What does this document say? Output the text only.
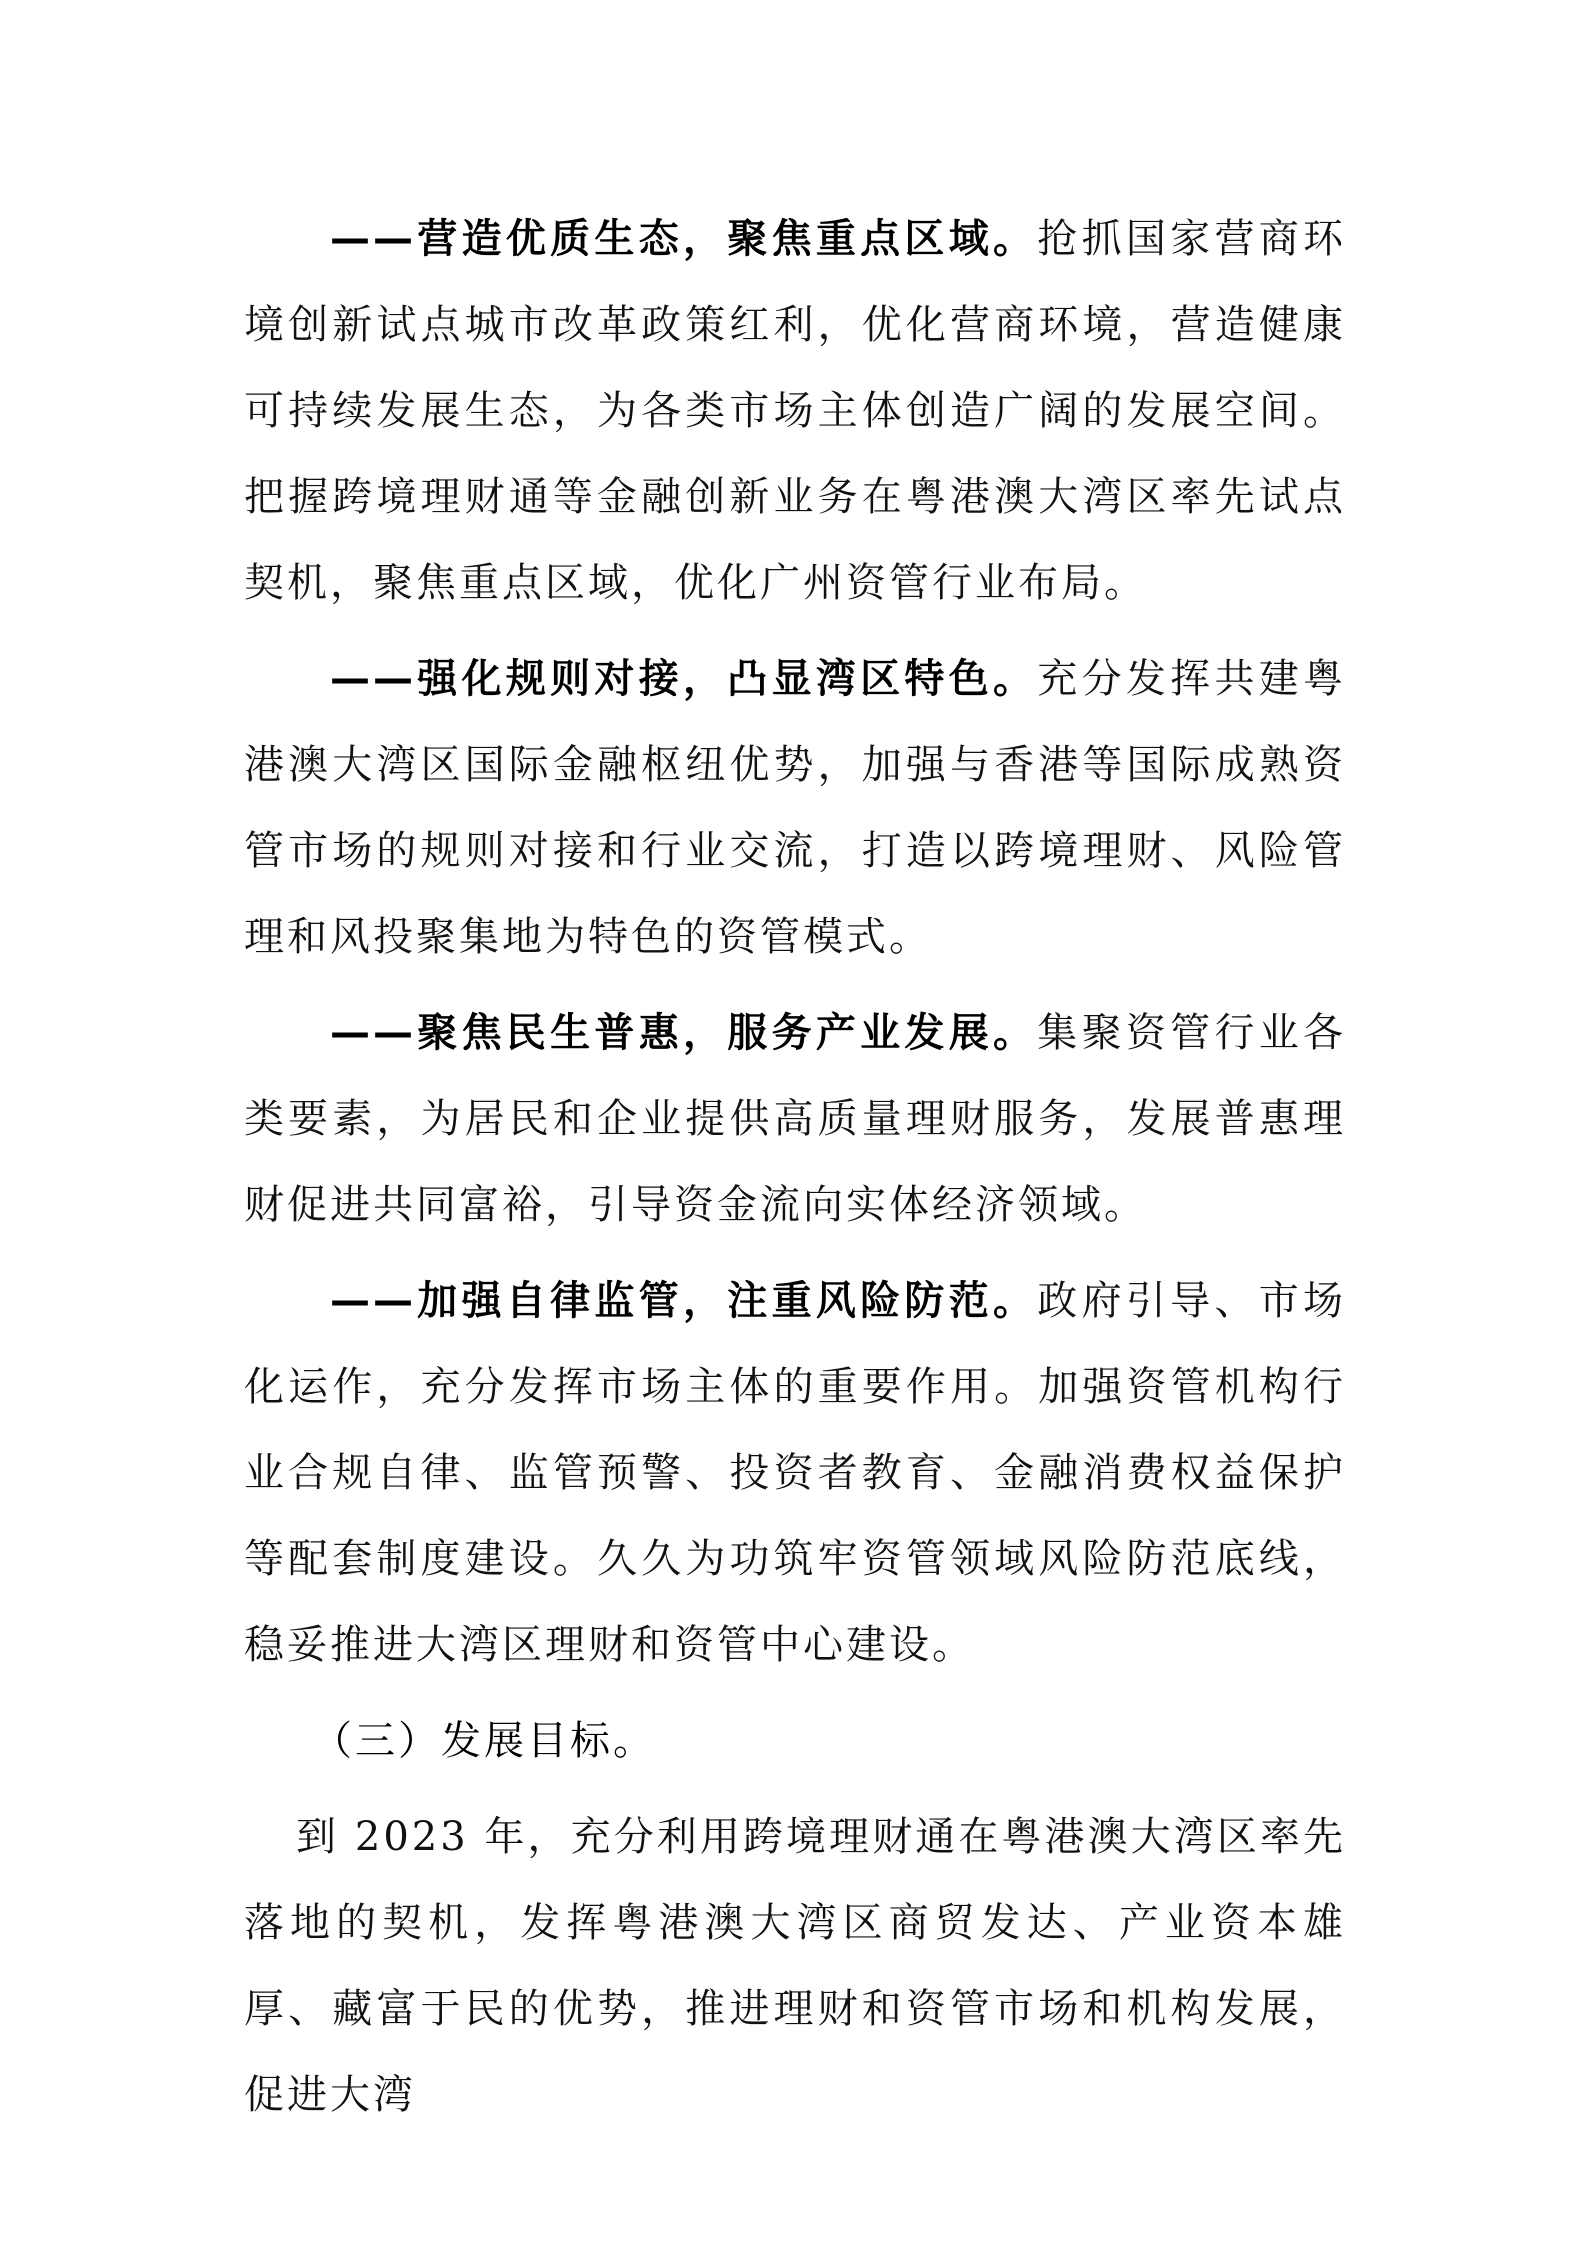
——营造优质生态，聚焦重点区域。抢抓国家营商环境创新试点城市改革政策红利，优化营商环境，营造健康可持续发展生态，为各类市场主体创造广阔的发展空间。把握跨境理财通等金融创新业务在粤港澳大湾区率先试点契机，聚焦重点区域，优化广州资管行业布局。

——强化规则对接，凸显湾区特色。充分发挥共建粤港澳大湾区国际金融枢纽优势，加强与香港等国际成熟资管市场的规则对接和行业交流，打造以跨境理财、风险管理和风投聚集地为特色的资管模式。

——聚焦民生普惠，服务产业发展。集聚资管行业各类要素，为居民和企业提供高质量理财服务，发展普惠理财促进共同富裕，引导资金流向实体经济领域。

——加强自律监管，注重风险防范。政府引导、市场化运作，充分发挥市场主体的重要作用。加强资管机构行业合规自律、监管预警、投资者教育、金融消费权益保护等配套制度建设。久久为功筑牢资管领域风险防范底线，稳妥推进大湾区理财和资管中心建设。

（三）发展目标。

到 2023 年，充分利用跨境理财通在粤港澳大湾区率先落地的契机，发挥粤港澳大湾区商贸发达、产业资本雄厚、藏富于民的优势，推进理财和资管市场和机构发展，促进大湾
